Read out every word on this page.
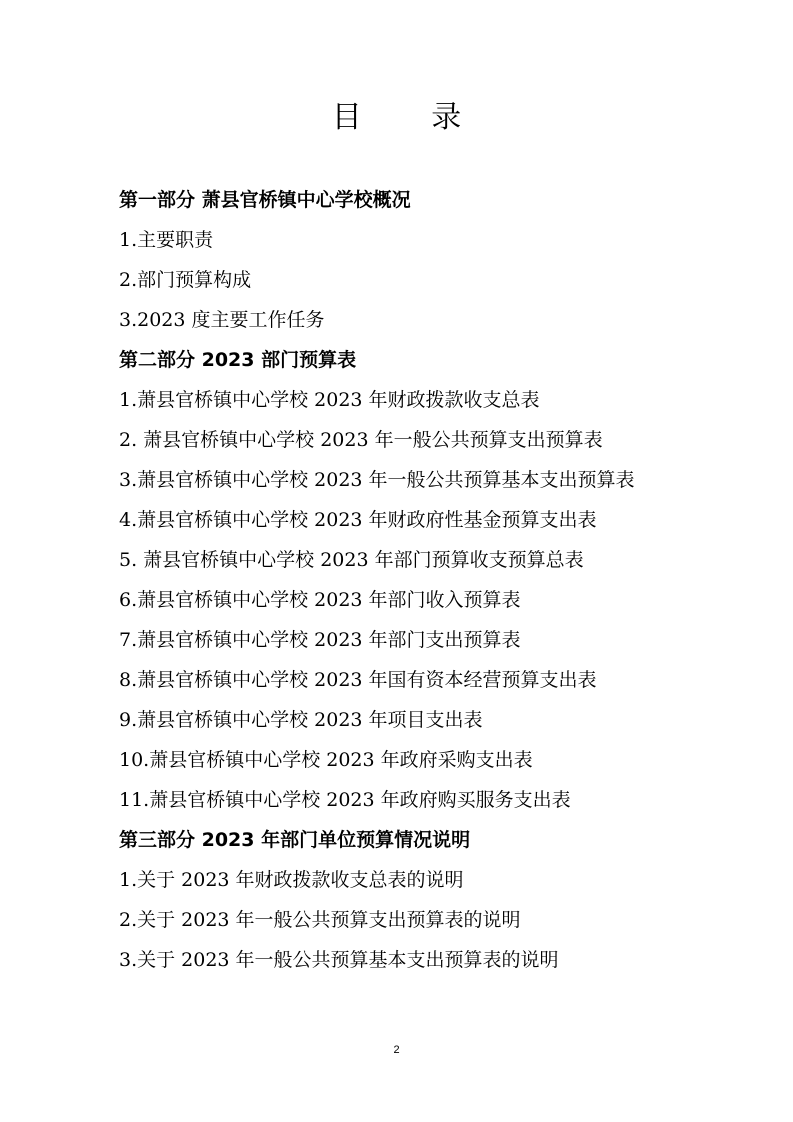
目 录
第一部分 萧县官桥镇中心学校概况
1.主要职责
2.部门预算构成
3.2023 度主要工作任务
第二部分 2023 部门预算表
1.萧县官桥镇中心学校 2023 年财政拨款收支总表
2. 萧县官桥镇中心学校 2023 年一般公共预算支出预算表
3.萧县官桥镇中心学校 2023 年一般公共预算基本支出预算表
4.萧县官桥镇中心学校 2023 年财政府性基金预算支出表
5. 萧县官桥镇中心学校 2023 年部门预算收支预算总表
6.萧县官桥镇中心学校 2023 年部门收入预算表
7.萧县官桥镇中心学校 2023 年部门支出预算表
8.萧县官桥镇中心学校 2023 年国有资本经营预算支出表
9.萧县官桥镇中心学校 2023 年项目支出表
10.萧县官桥镇中心学校 2023 年政府采购支出表
11.萧县官桥镇中心学校 2023 年政府购买服务支出表
第三部分 2023 年部门单位预算情况说明
1.关于 2023 年财政拨款收支总表的说明
2.关于 2023 年一般公共预算支出预算表的说明
3.关于 2023 年一般公共预算基本支出预算表的说明
2
